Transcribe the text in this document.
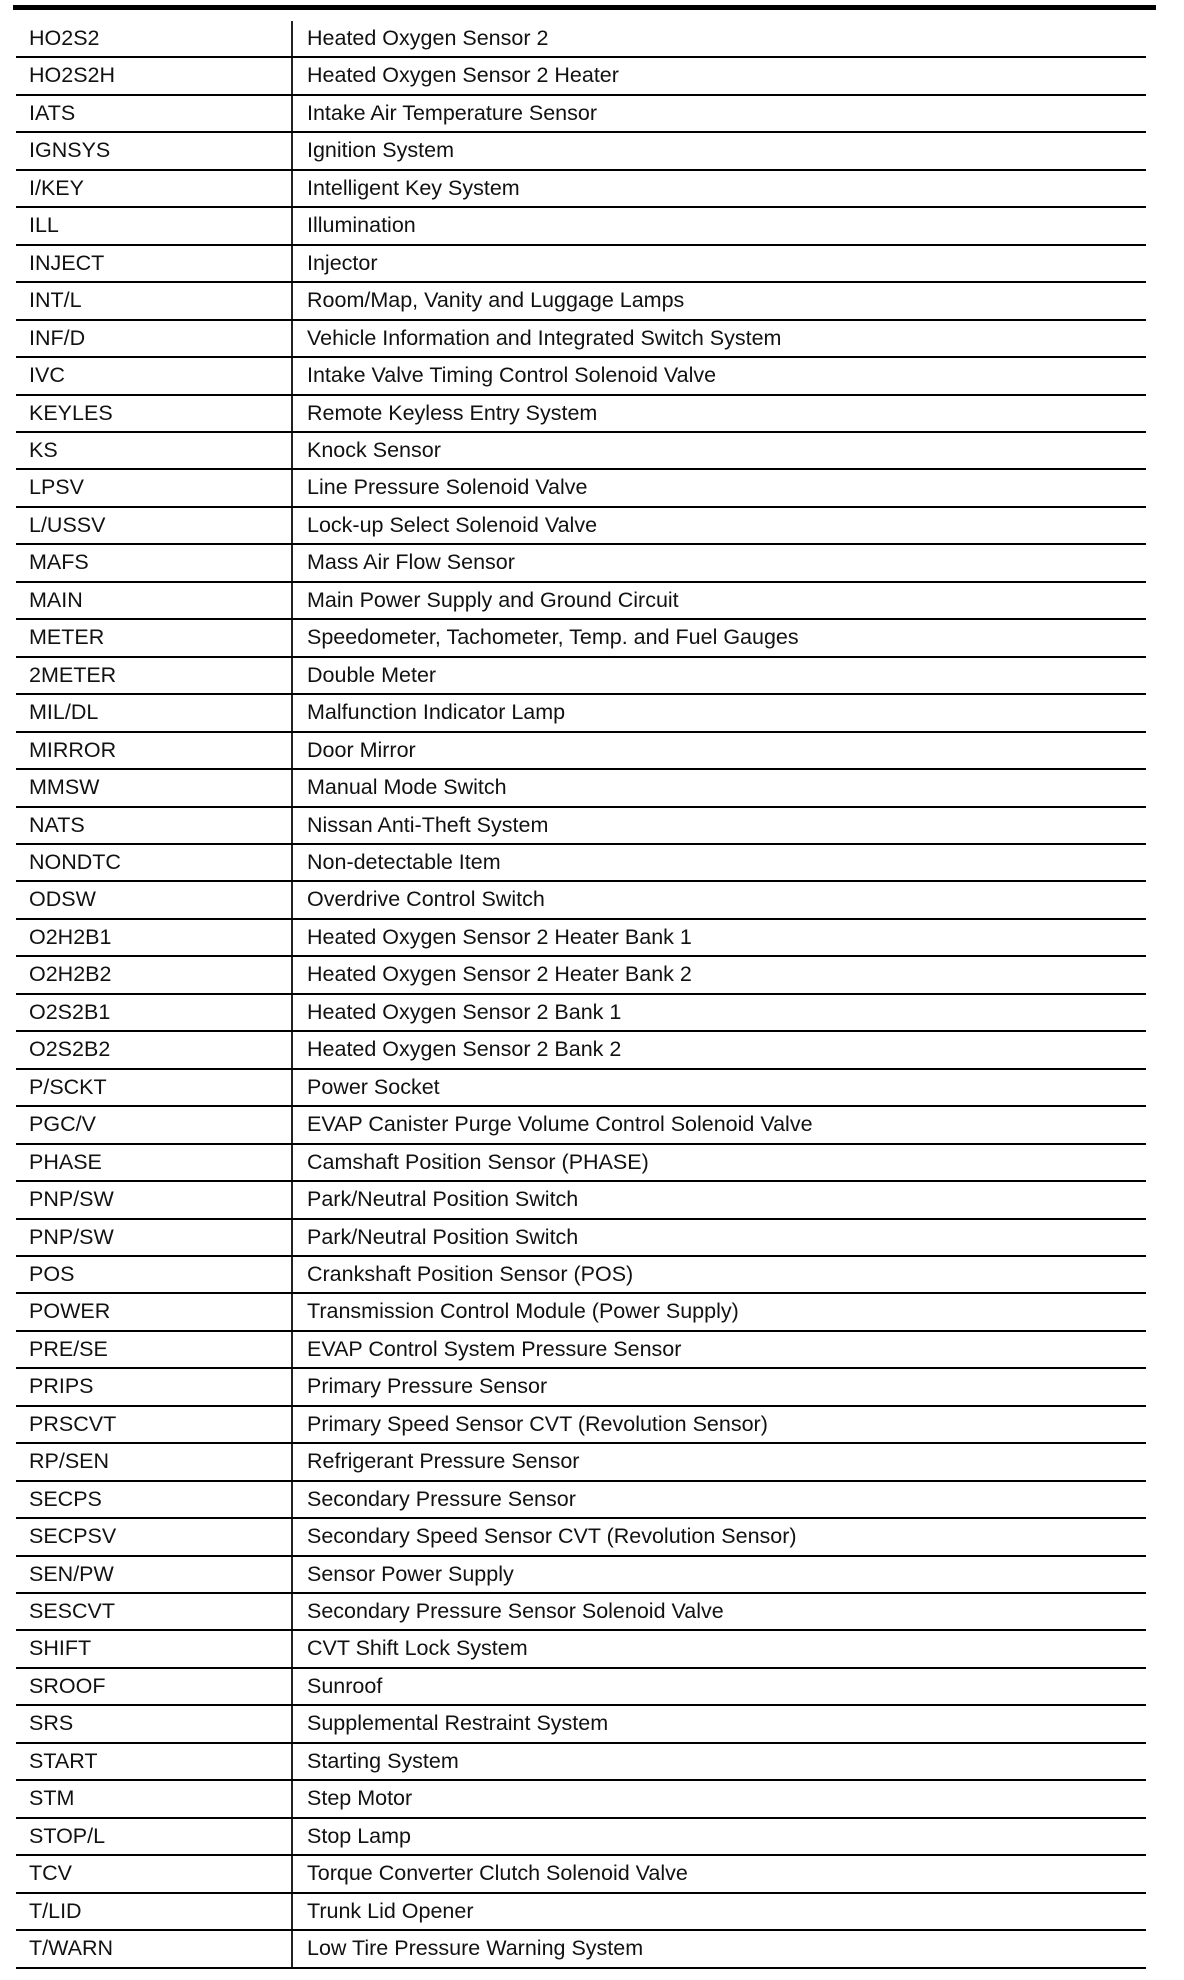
HO2S2	Heated Oxygen Sensor 2
HO2S2H	Heated Oxygen Sensor 2 Heater
IATS	Intake Air Temperature Sensor
IGNSYS	Ignition System
I/KEY	Intelligent Key System
ILL	Illumination
INJECT	Injector
INT/L	Room/Map, Vanity and Luggage Lamps
INF/D	Vehicle Information and Integrated Switch System
IVC	Intake Valve Timing Control Solenoid Valve
KEYLES	Remote Keyless Entry System
KS	Knock Sensor
LPSV	Line Pressure Solenoid Valve
L/USSV	Lock-up Select Solenoid Valve
MAFS	Mass Air Flow Sensor
MAIN	Main Power Supply and Ground Circuit
METER	Speedometer, Tachometer, Temp. and Fuel Gauges
2METER	Double Meter
MIL/DL	Malfunction Indicator Lamp
MIRROR	Door Mirror
MMSW	Manual Mode Switch
NATS	Nissan Anti-Theft System
NONDTC	Non-detectable Item
ODSW	Overdrive Control Switch
O2H2B1	Heated Oxygen Sensor 2 Heater Bank 1
O2H2B2	Heated Oxygen Sensor 2 Heater Bank 2
O2S2B1	Heated Oxygen Sensor 2 Bank 1
O2S2B2	Heated Oxygen Sensor 2 Bank 2
P/SCKT	Power Socket
PGC/V	EVAP Canister Purge Volume Control Solenoid Valve
PHASE	Camshaft Position Sensor (PHASE)
PNP/SW	Park/Neutral Position Switch
PNP/SW	Park/Neutral Position Switch
POS	Crankshaft Position Sensor (POS)
POWER	Transmission Control Module (Power Supply)
PRE/SE	EVAP Control System Pressure Sensor
PRIPS	Primary Pressure Sensor
PRSCVT	Primary Speed Sensor CVT (Revolution Sensor)
RP/SEN	Refrigerant Pressure Sensor
SECPS	Secondary Pressure Sensor
SECPSV	Secondary Speed Sensor CVT (Revolution Sensor)
SEN/PW	Sensor Power Supply
SESCVT	Secondary Pressure Sensor Solenoid Valve
SHIFT	CVT Shift Lock System
SROOF	Sunroof
SRS	Supplemental Restraint System
START	Starting System
STM	Step Motor
STOP/L	Stop Lamp
TCV	Torque Converter Clutch Solenoid Valve
T/LID	Trunk Lid Opener
T/WARN	Low Tire Pressure Warning System
